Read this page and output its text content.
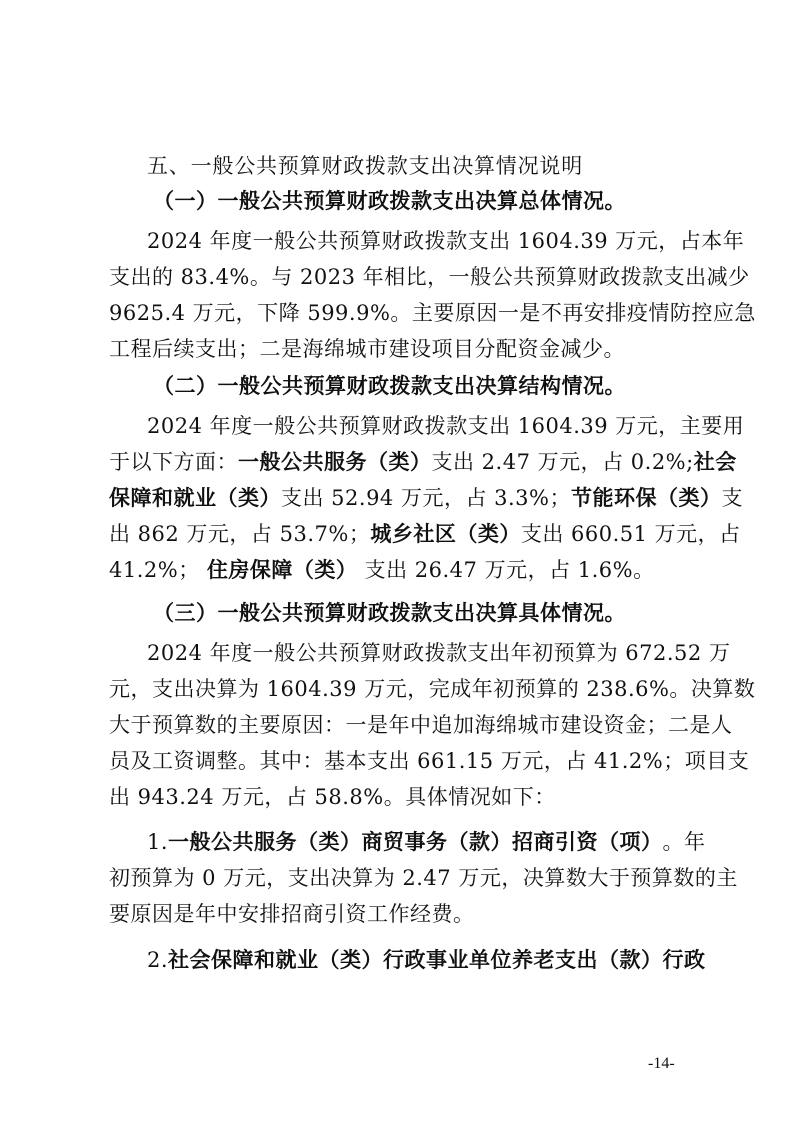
五、一般公共预算财政拨款支出决算情况说明
（一）一般公共预算财政拨款支出决算总体情况。
2024 年度一般公共预算财政拨款支出 1604.39 万元，占本年
支出的 83.4%。与 2023 年相比，一般公共预算财政拨款支出减少
9625.4 万元，下降 599.9%。主要原因一是不再安排疫情防控应急
工程后续支出；二是海绵城市建设项目分配资金减少。
（二）一般公共预算财政拨款支出决算结构情况。
2024 年度一般公共预算财政拨款支出 1604.39 万元，主要用
于以下方面： 一般公共服务（类） 支出 2.47 万元，占 0.2%; 社会
保障和就业（类） 支出 52.94 万元，占 3.3%； 节能环保（类） 支
出 862 万元，占 53.7%； 城乡社区（类） 支出 660.51 万元，占
41.2%； 住房保障（类） 支出 26.47 万元，占 1.6%。
（三）一般公共预算财政拨款支出决算具体情况。
2024 年度一般公共预算财政拨款支出年初预算为 672.52 万
元，支出决算为 1604.39 万元，完成年初预算的 238.6%。决算数
大于预算数的主要原因：一是年中追加海绵城市建设资金；二是人
员及工资调整。其中：基本支出 661.15 万元，占 41.2%；项目支
出 943.24 万元，占 58.8%。具体情况如下：
1.一般公共服务（类）商贸事务（款）招商引资（项） 。年
初预算为 0 万元，支出决算为 2.47 万元，决算数大于预算数的主
要原因是年中安排招商引资工作经费。
2.社会保障和就业（类）行政事业单位养老支出（款）行政
-14-
